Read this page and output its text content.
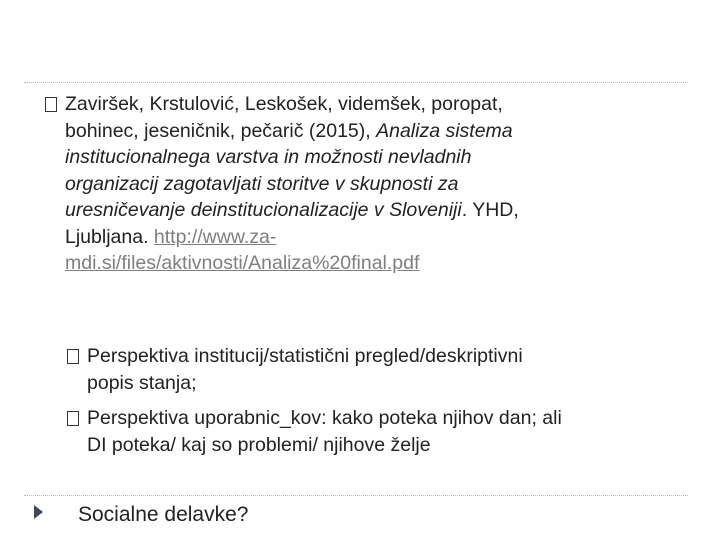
Zaviršek, Krstulović, Leskošek, videmšek, poropat,
bohinec, jeseničnik, pečarič (2015), Analiza sistema
institucionalnega varstva in možnosti nevladnih
organizacij zagotavljati storitve v skupnosti za
uresničevanje deinstitucionalizacije v Sloveniji. YHD,
Ljubljana. http://www.za-
mdi.si/files/aktivnosti/Analiza%20final.pdf
Perspektiva institucij/statistični pregled/deskriptivni
popis stanja;
Perspektiva uporabnic_kov: kako poteka njihov dan; ali
DI poteka/ kaj so problemi/ njihove želje
Socialne delavke?
